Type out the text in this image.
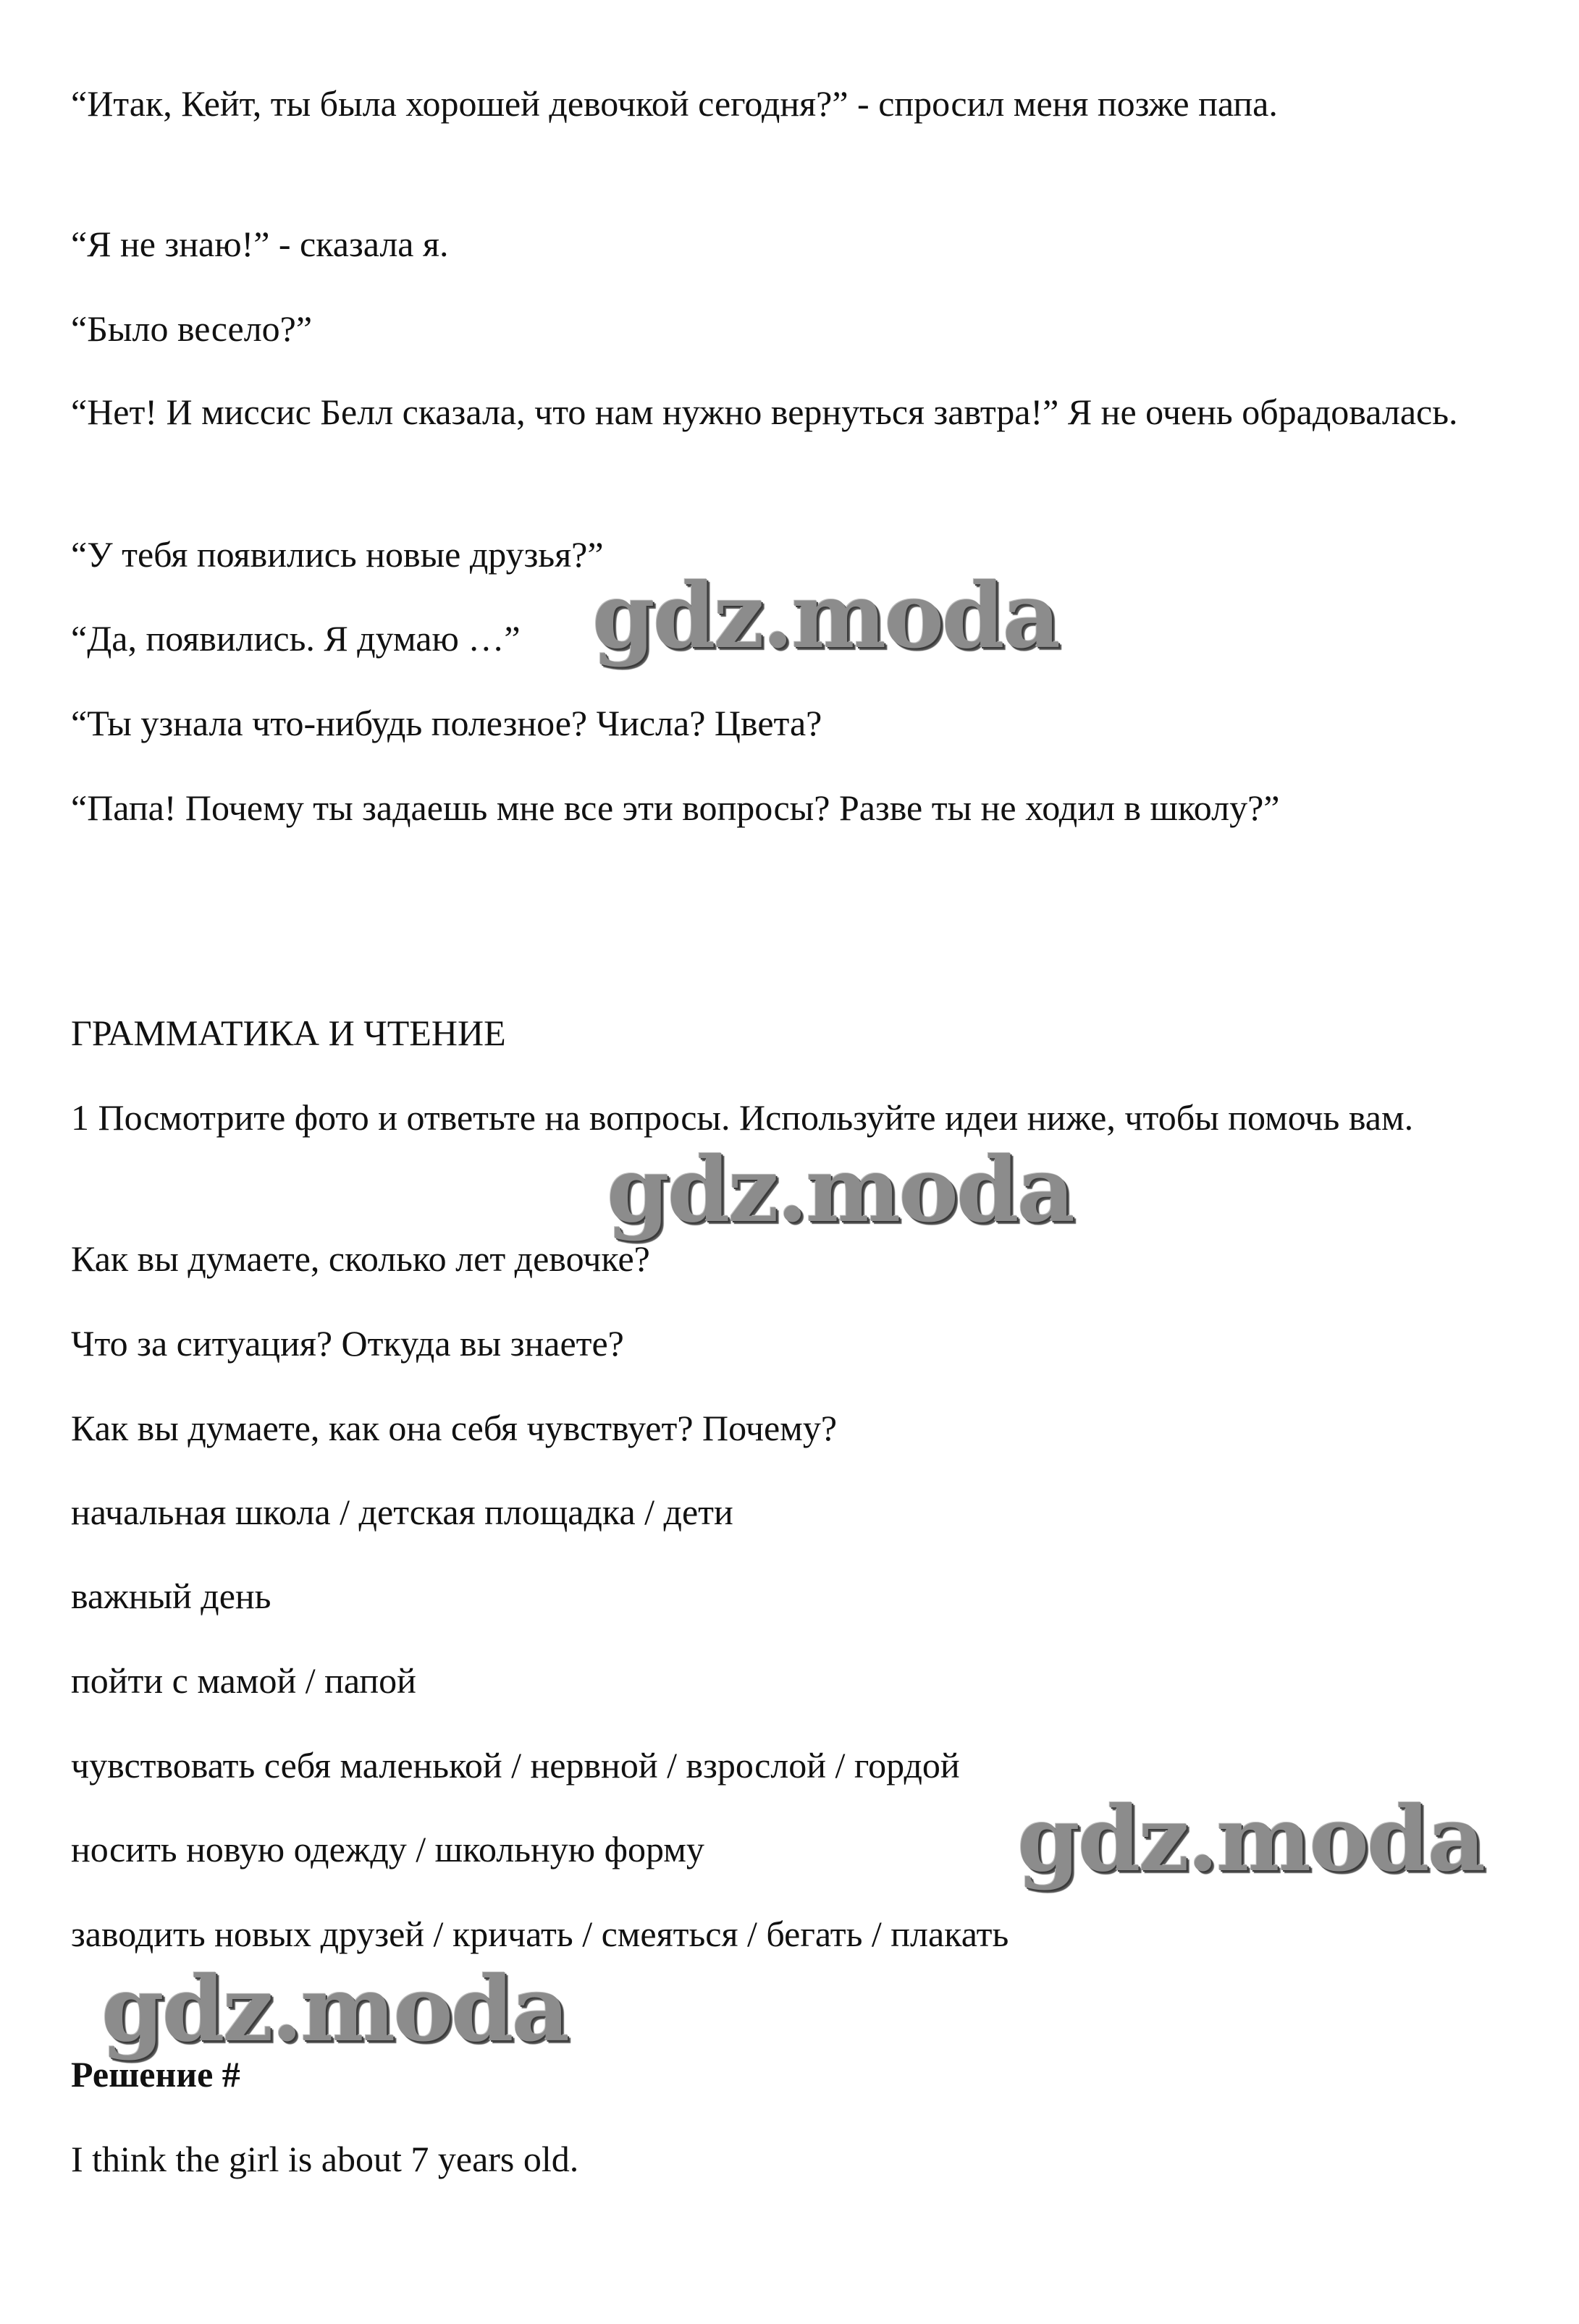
“Итак, Кейт, ты была хорошей девочкой сегодня?” - спросил меня позже папа.

“Я не знаю!” - сказала я.

“Было весело?”

“Нет! И миссис Белл сказала, что нам нужно вернуться завтра!” Я не очень обрадовалась.

“У тебя появились новые друзья?”

“Да, появились. Я думаю …”

“Ты узнала что-нибудь полезное? Числа? Цвета?

“Папа! Почему ты задаешь мне все эти вопросы? Разве ты не ходил в школу?”

ГРАММАТИКА И ЧТЕНИЕ

1 Посмотрите фото и ответьте на вопросы. Используйте идеи ниже, чтобы помочь вам.

Как вы думаете, сколько лет девочке?

Что за ситуация? Откуда вы знаете?

Как вы думаете, как она себя чувствует? Почему?

начальная школа / детская площадка / дети

важный день

пойти с мамой / папой

чувствовать себя маленькой / нервной / взрослой / гордой

носить новую одежду / школьную форму

заводить новых друзей / кричать / смеяться / бегать / плакать

Решение #

I think the girl is about 7 years old.

gdz.moda
gdz.moda
gdz.moda
gdz.moda
